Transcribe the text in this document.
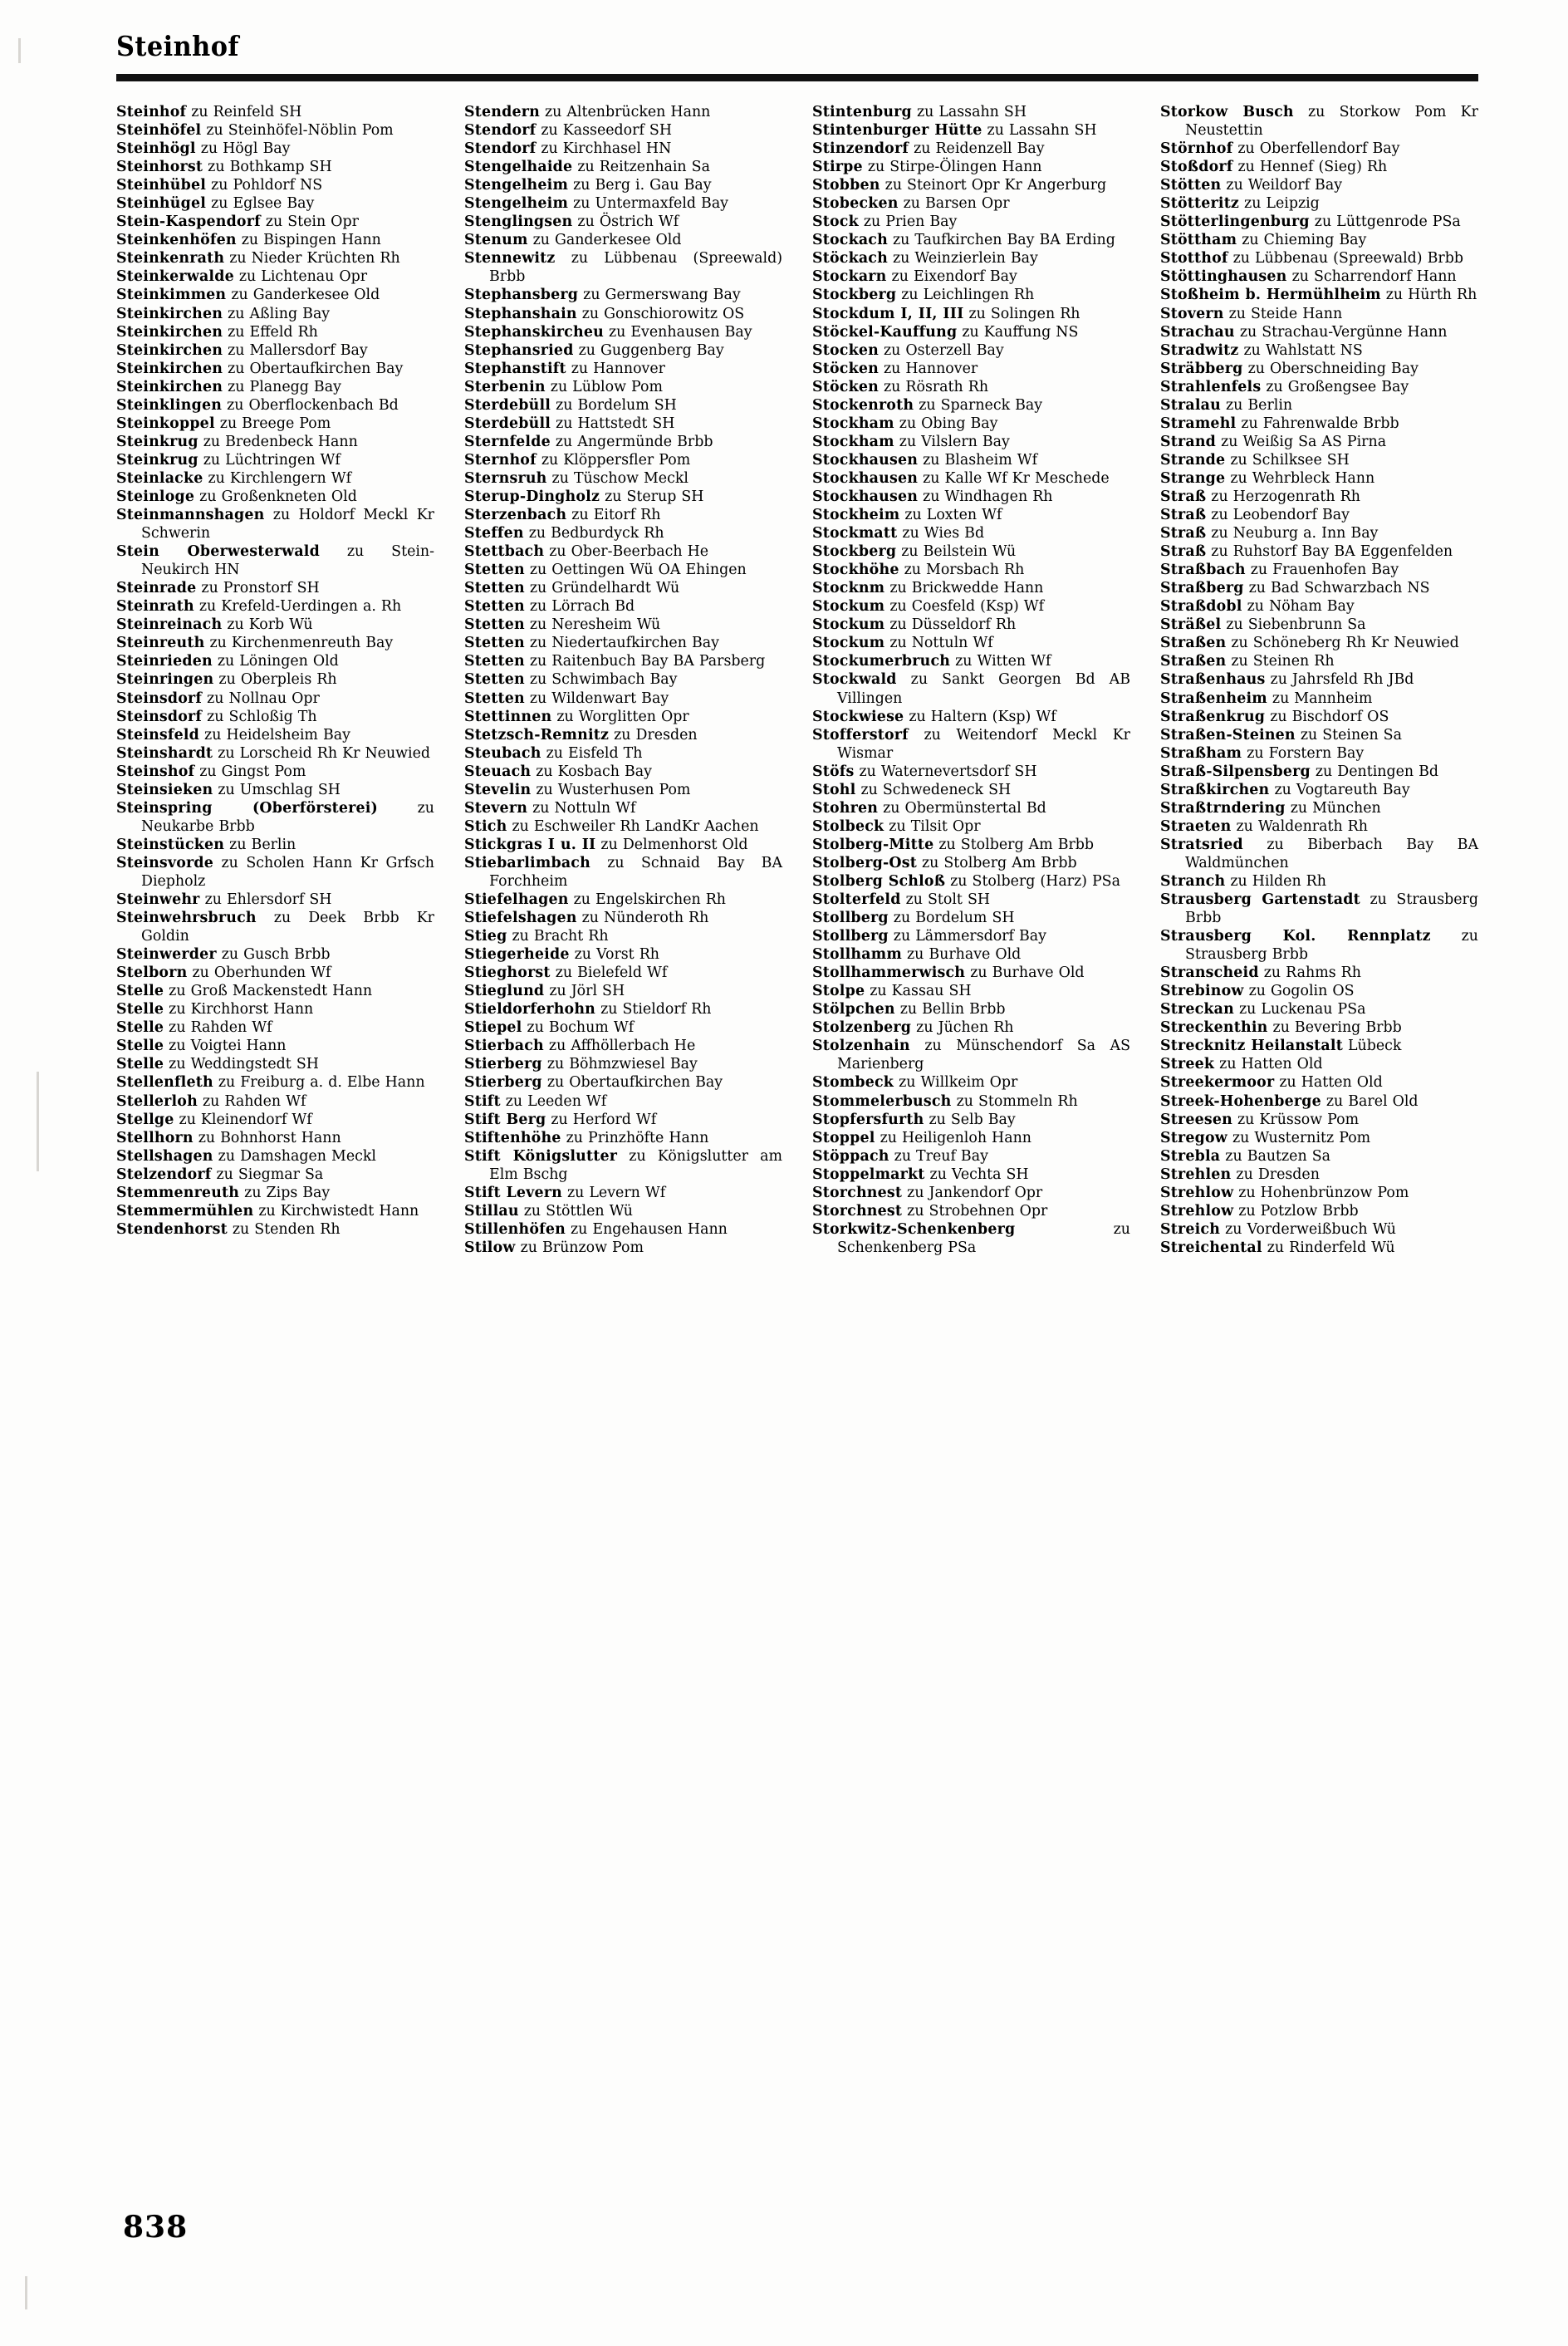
Steinhof

Steinhof zu Reinfeld SH

Steinhöfel zu Steinhöfel-Nöblin Pom

Steinhögl zu Högl Bay

Steinhorst zu Bothkamp SH

Steinhübel zu Pohldorf NS

Steinhügel zu Eglsee Bay

Stein-Kaspendorf zu Stein Opr

Steinkenhöfen zu Bispingen Hann

Steinkenrath zu Nieder Krüchten Rh

Steinkerwalde zu Lichtenau Opr

Steinkimmen zu Ganderkesee Old

Steinkirchen zu Aßling Bay

Steinkirchen zu Effeld Rh

Steinkirchen zu Mallersdorf Bay

Steinkirchen zu Obertaufkirchen Bay

Steinkirchen zu Planegg Bay

Steinklingen zu Oberflockenbach Bd

Steinkoppel zu Breege Pom

Steinkrug zu Bredenbeck Hann

Steinkrug zu Lüchtringen Wf

Steinlacke zu Kirchlengern Wf

Steinloge zu Großenkneten Old

Steinmannshagen zu Holdorf Meckl Kr Schwerin

Stein Oberwesterwald zu Stein-Neukirch HN

Steinrade zu Pronstorf SH

Steinrath zu Krefeld-Uerdingen a. Rh

Steinreinach zu Korb Wü

Steinreuth zu Kirchenmenreuth Bay

Steinrieden zu Löningen Old

Steinringen zu Oberpleis Rh

Steinsdorf zu Nollnau Opr

Steinsdorf zu Schloßig Th

Steinsfeld zu Heidelsheim Bay

Steinshardt zu Lorscheid Rh Kr Neuwied

Steinshof zu Gingst Pom

Steinsieken zu Umschlag SH

Steinspring (Oberförsterei)	zu Neukarbe Brbb

Steinstücken zu Berlin

Steinsvorde zu Scholen Hann Kr Grfsch Diepholz

Steinwehr zu Ehlersdorf SH

Steinwehrsbruch zu Deek Brbb Kr Goldin

Steinwerder zu Gusch Brbb

Stelborn zu Oberhunden Wf

Stelle zu Groß Mackenstedt Hann

Stelle zu Kirchhorst Hann

Stelle zu Rahden Wf

Stelle zu Voigtei Hann

Stelle zu Weddingstedt SH

Stellenfleth zu Freiburg a. d. Elbe Hann

Stellerloh zu Rahden Wf

Stellge zu Kleinendorf Wf

Stellhorn zu Bohnhorst Hann

Stellshagen zu Damshagen Meckl

Stelzendorf zu Siegmar Sa

Stemmenreuth zu Zips Bay

Stemmermühlen zu Kirchwistedt Hann

Stendenhorst zu Stenden Rh

Stendern zu Altenbrücken Hann

Stendorf zu Kasseedorf SH

Stendorf zu Kirchhasel HN

Stengelhaide zu Reitzenhain Sa

Stengelheim zu Berg i. Gau Bay

Stengelheim zu Untermaxfeld Bay

Stenglingsen zu Östrich Wf

Stenum zu Ganderkesee Old

Stennewitz zu Lübbenau (Spreewald) Brbb

Stephansberg zu Germerswang Bay

Stephanshain zu Gonschiorowitz OS

Stephanskircheu zu Evenhausen Bay

Stephansried zu Guggenberg Bay

Stephanstift zu Hannover

Sterbenin zu Lüblow Pom

Sterdebüll zu Bordelum SH

Sterdebüll zu Hattstedt SH

Sternfelde zu Angermünde Brbb

Sternhof zu Klöppersfler Pom

Sternsruh zu Tüschow Meckl

Sterup-Dingholz zu Sterup SH

Sterzenbach zu Eitorf Rh

Steffen zu Bedburdyck Rh

Stettbach zu Ober-Beerbach He

Stetten zu Oettingen Wü OA Ehingen

Stetten zu Gründelhardt Wü

Stetten zu Lörrach Bd

Stetten zu Neresheim Wü

Stetten zu Niedertaufkirchen Bay

Stetten zu Raitenbuch Bay BA Parsberg

Stetten zu Schwimbach Bay

Stetten zu Wildenwart Bay

Stettinnen zu Worglitten Opr

Stetzsch-Remnitz zu Dresden

Steubach zu Eisfeld Th

Steuach zu Kosbach Bay

Stevelin zu Wusterhusen Pom

Stevern zu Nottuln Wf

Stich zu Eschweiler Rh LandKr Aachen

Stickgras I u. II zu Delmenhorst Old

Stiebarlimbach zu Schnaid Bay BA Forchheim

Stiefelhagen zu Engelskirchen Rh

Stiefelshagen zu Nünderoth Rh

Stieg zu Bracht Rh

Stiegerheide zu Vorst Rh

Stieghorst zu Bielefeld Wf

Stieglund zu Jörl SH

Stieldorferhohn zu Stieldorf Rh

Stiepel zu Bochum Wf

Stierbach zu Affhöllerbach He

Stierberg zu Böhmzwiesel Bay

Stierberg zu Obertaufkirchen Bay

Stift zu Leeden Wf

Stift Berg zu Herford Wf

Stiftenhöhe zu Prinzhöfte Hann

Stift Königslutter zu Königslutter am Elm Bschg

Stift Levern zu Levern Wf

Stillau zu Stöttlen Wü

Stillenhöfen zu Engehausen Hann

Stilow zu Brünzow Pom

Stintenburg zu Lassahn SH

Stintenburger Hütte zu Lassahn SH

Stinzendorf zu Reidenzell Bay

Stirpe zu Stirpe-Ölingen Hann

Stobben zu Steinort Opr Kr Angerburg

Stobecken zu Barsen Opr

Stock zu Prien Bay

Stockach zu Taufkirchen Bay BA Erding

Stöckach zu Weinzierlein Bay

Stockarn zu Eixendorf Bay

Stockberg zu Leichlingen Rh

Stockdum I, II, III zu Solingen Rh

Stöckel-Kauffung zu Kauffung NS

Stocken zu Osterzell Bay

Stöcken zu Hannover

Stöcken zu Rösrath Rh

Stockenroth zu Sparneck Bay

Stockham zu Obing Bay

Stockham zu Vilslern Bay

Stockhausen zu Blasheim Wf

Stockhausen zu Kalle Wf Kr Meschede

Stockhausen zu Windhagen Rh

Stockheim zu Loxten Wf

Stockmatt zu Wies Bd

Stockberg zu Beilstein Wü

Stockhöhe zu Morsbach Rh

Stocknm zu Brickwedde Hann

Stockum zu Coesfeld (Ksp) Wf

Stockum zu Düsseldorf Rh

Stockum zu Nottuln Wf

Stockumerbruch zu Witten Wf

Stockwald zu Sankt Georgen Bd AB Villingen

Stockwiese zu Haltern (Ksp) Wf

Stofferstorf zu Weitendorf Meckl Kr Wismar

Stöfs zu Waternevertsdorf SH

Stohl zu Schwedeneck SH

Stohren zu Obermünstertal Bd

Stolbeck zu Tilsit Opr

Stolberg-Mitte zu Stolberg Am Brbb

Stolberg-Ost zu Stolberg Am Brbb

Stolberg Schloß zu Stolberg (Harz) PSa

Stolterfeld zu Stolt SH

Stollberg zu Bordelum SH

Stollberg zu Lämmersdorf Bay

Stollhamm zu Burhave Old

Stollhammerwisch zu Burhave Old

Stolpe zu Kassau SH

Stölpchen zu Bellin Brbb

Stolzenberg zu Jüchen Rh

Stolzenhain zu Münschendorf Sa AS Marienberg

Stombeck zu Willkeim Opr

Stommelerbusch zu Stommeln Rh

Stopfersfurth zu Selb Bay

Stoppel zu Heiligenloh Hann

Stöppach zu Treuf Bay

Stoppelmarkt zu Vechta SH

Storchnest zu Jankendorf Opr

Storchnest zu Strobehnen Opr

Storkwitz-Schenkenberg	zu Schenkenberg PSa

Storkow Busch zu Storkow Pom Kr Neustettin

Störnhof zu Oberfellendorf Bay

Stoßdorf zu Hennef (Sieg) Rh

Stötten zu Weildorf Bay

Stötteritz zu Leipzig

Stötterlingenburg zu Lüttgenrode PSa

Stöttham zu Chieming Bay

Stotthof zu Lübbenau (Spreewald) Brbb

Stöttinghausen zu Scharrendorf Hann

Stoßheim b. Hermühlheim zu Hürth Rh

Stovern zu Steide Hann

Strachau zu Strachau-Vergünne Hann

Stradwitz zu Wahlstatt NS

Sträbberg zu Oberschneiding Bay

Strahlenfels zu Großengsee Bay

Stralau zu Berlin

Stramehl zu Fahrenwalde Brbb

Strand zu Weißig Sa AS Pirna

Strande zu Schilksee SH

Strange zu Wehrbleck Hann

Straß zu Herzogenrath Rh

Straß zu Leobendorf Bay

Straß zu Neuburg a. Inn Bay

Straß zu Ruhstorf Bay BA Eggenfelden

Straßbach zu Frauenhofen Bay

Straßberg zu Bad Schwarzbach NS

Straßdobl zu Nöham Bay

Sträßel zu Siebenbrunn Sa

Straßen zu Schöneberg Rh Kr Neuwied

Straßen zu Steinen Rh

Straßenhaus zu Jahrsfeld Rh JBd

Straßenheim zu Mannheim

Straßenkrug zu Bischdorf OS

Straßen-Steinen zu Steinen Sa

Straßham zu Forstern Bay

Straß-Silpensberg zu Dentingen Bd

Straßkirchen zu Vogtareuth Bay

Straßtrndering zu München

Straeten zu Waldenrath Rh

Stratsried zu Biberbach Bay BA Waldmünchen

Stranch zu Hilden Rh

Strausberg Gartenstadt zu Strausberg Brbb

Strausberg Kol. Rennplatz zu Strausberg Brbb

Stranscheid zu Rahms Rh

Strebinow zu Gogolin OS

Streckan zu Luckenau PSa

Streckenthin zu Bevering Brbb

Strecknitz Heilanstalt Lübeck

Streek zu Hatten Old

Streekermoor zu Hatten Old

Streek-Hohenberge zu Barel Old

Streesen zu Krüssow Pom

Stregow zu Wusternitz Pom

Strebla zu Bautzen Sa

Strehlen zu Dresden

Strehlow zu Hohenbrünzow Pom

Strehlow zu Potzlow Brbb

Streich zu Vorderweißbuch Wü

Streichental zu Rinderfeld Wü

838
